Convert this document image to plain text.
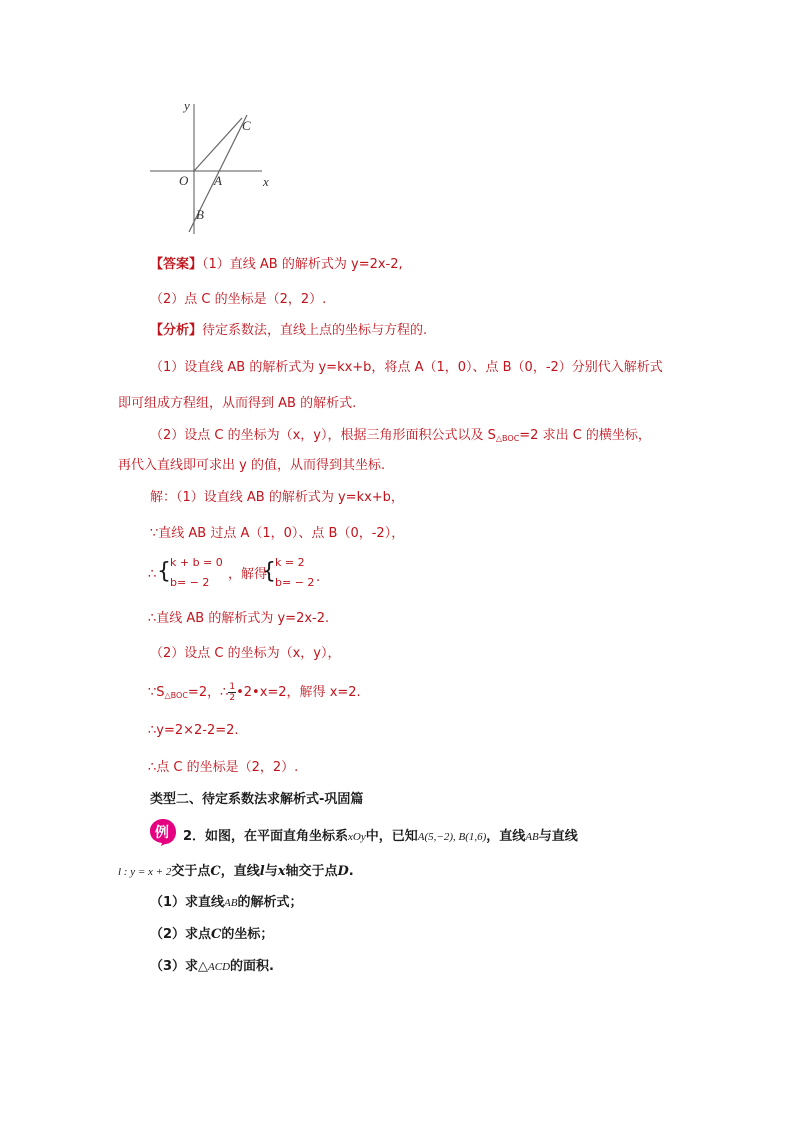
y
x
O A
B
C
【答案】（1）直线 AB 的解析式为 y=2x-2,
（2）点 C 的坐标是（2，2）.
【分析】待定系数法，直线上点的坐标与方程的.
（1）设直线 AB 的解析式为 y=kx+b，将点 A（1，0）、点 B（0，-2）分别代入解析式
即可组成方程组，从而得到 AB 的解析式.
（2）设点 C 的坐标为（x，y），根据三角形面积公式以及 $S_{\triangle BOC}=2$ 求出 C 的横坐标，
再代入直线即可求出 y 的值，从而得到其坐标.
解：（1）设直线 AB 的解析式为 y=kx+b，
∵直线 AB 过点 A（1，0）、点 B（0，-2），
∴ { k + b = 0
b= − 2
，解得
{ k = 2
b= − 2 .
∴直线 AB 的解析式为 y=2x-2.
（2）设点 C 的坐标为（x，y），
$\because S_{\triangle BOC}=2$，∴ $\frac{1}{2}$ •2•x=2，解得 x=2.
∴y=2×2-2=2.
∴点 C 的坐标是（2，2）.
类型二、待定系数法求解析式-巩固篇
例 2．如图，在平面直角坐标系xOy中，已知A(5,−2), B(1,6)，直线AB与直线
l : y = x + 2交于点C，直线l与x轴交于点D.
（1）求直线AB的解析式；
（2）求点C的坐标；
（3）求△ACD的面积.
